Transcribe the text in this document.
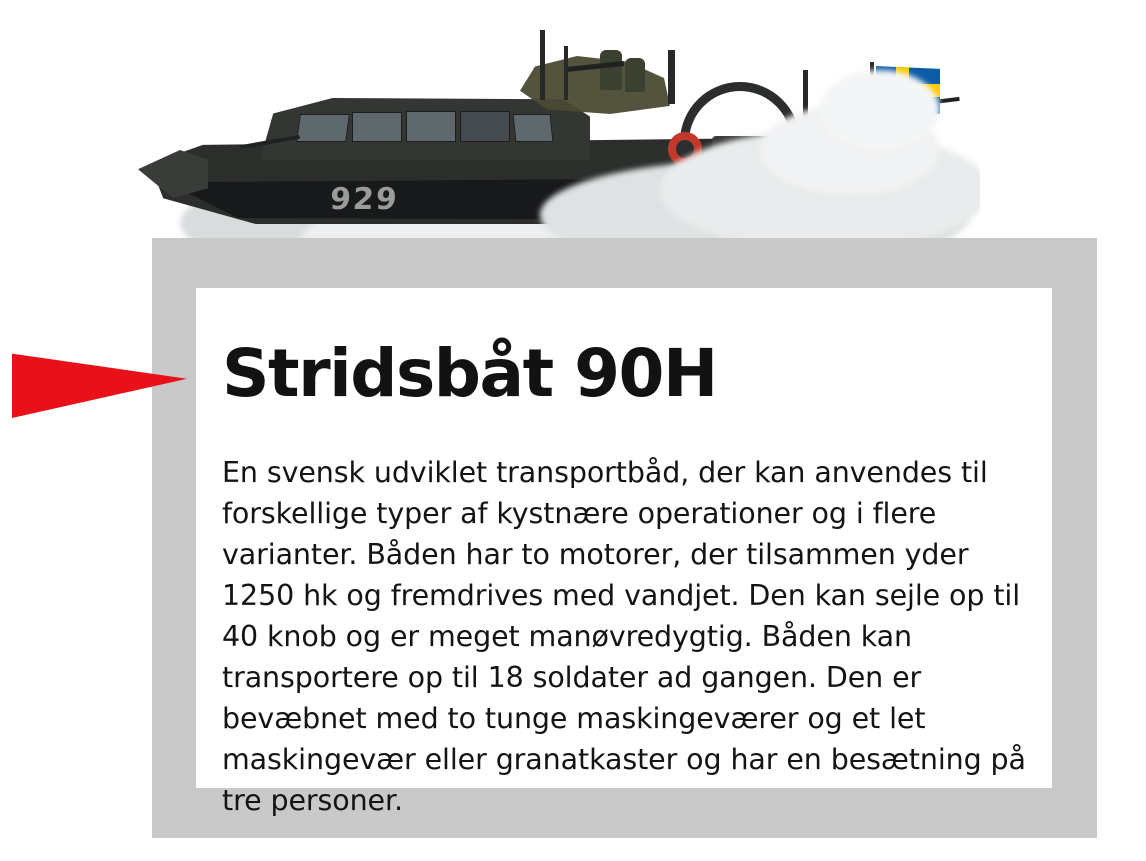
929
Stridsbåt 90H
En svensk udviklet transportbåd, der kan anvendes til forskellige typer af kystnære operationer og i flere varianter. Båden har to motorer, der tilsammen yder 1250 hk og fremdrives med vandjet. Den kan sejle op til 40 knob og er meget manøvredygtig. Båden kan transportere op til 18 soldater ad gangen. Den er bevæbnet med to tunge maskingeværer og et let maskingevær eller granatkaster og har en besætning på tre personer.
